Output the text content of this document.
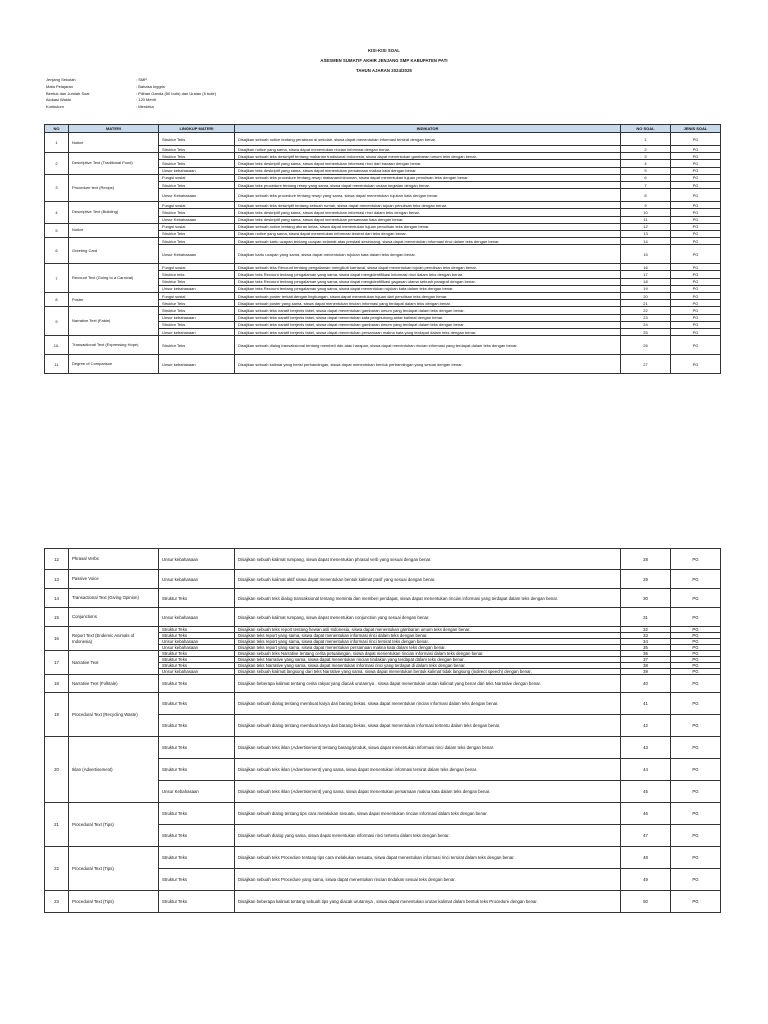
KISI-KISI SOAL
ASESMEN SUMATIF AKHIR JENJANG SMP KABUPATEN PATI
TAHUN AJARAN 2024/2025
Jenjang Sekolah	: SMP
Mata Pelajaran	: Bahasa Inggris
Bentuk dan Jumlah Soal	: Pilihan Ganda (50 butir) dan Uraian (5 butir)
Alokasi Waktu	: 120 Menit
Kurikulum	: Merdeka
NO	MATERI	LINGKUP MATERI	INDIKATOR	NO SOAL	JENIS SOAL
1	Notice	Struktur Teks	Disajikan sebuah notice tentang peraturan di sekolah, siswa dapat menentukan informasi tersirat dengan benar.	1	PG
		Struktur Teks	Disajikan notice yang sama, siswa dapat menentukan rincian informasi dengan benar.	2	PG
2	Descriptive Text (Traditional Food)	Struktur Teks	Disajikan sebuah teks deskriptif tentang makanan tradisional Indonesia, siswa dapat menentukan gambaran umum teks dengan benar.	3	PG
		Struktur Teks	Disajikan teks deskriptif yang sama, siswa dapat menentukan informasi rinci dari bacaan dengan benar.	4	PG
		Unsur kebahasaan	Disajikan teks deskriptif yang sama, siswa dapat menentukan persamaan makna kata dengan benar.	5	PG
3	Procedure text (Recipe)	Fungsi sosial	Disajikan sebuah teks procedure tentang resep makanan/minuman, siswa dapat menentukan tujuan penulisan teks dengan benar.	6	PG
		Struktur Teks	Disajikan teks procedure tentang resep yang sama, siswa dapat menentukan urutan kegiatan dengan benar.	7	PG
		Unsur Kebahasaan	Disajikan sebuah teks procedure tentang resep yang sama, siswa dapat menentukan rujukan kata dengan benar.	8	PG
4	Descriptive Text (Building)	Fungsi sosial	Disajikan sebuah teks deskriptif tentang sebuah rumah, siswa dapat menentukan tujuan penulisan teks dengan benar.	9	PG
		Struktur Teks	Disajikan teks deskriptif yang sama, siswa dapat menentukan informasi rinci dalam teks dengan benar.	10	PG
		Unsur Kebahasaan	Disajikan teks deskriptif yang sama, siswa dapat menentukan persamaan kata dengan benar.	11	PG
5	Notice	Fungsi sosial	Disajikan sebuah notice tentang aturan kelas, siswa dapat menentukan tujuan penulisan teks dengan benar.	12	PG
		Struktur Teks	Disajikan notice yang sama, siswa dapat menentukan informasi tersirat dari teks dengan benar.	13	PG
6	Greeting Card	Struktur Teks	Disajikan sebuah kartu ucapan tentang ucapan selamat atas prestasi seseorang, siswa dapat menentukan informasi rinci dalam teks dengan benar.	14	PG
		Unsur Kebahasaan	Disajikan kartu ucapan yang sama, siswa dapat menentukan rujukan kata dalam teks dengan benar.	15	PG
7	Recount Text (Going to a Carnival)	Fungsi sosial	Disajikan sebuah teks Recount tentang pengalaman mengikuti karnaval, siswa dapat menentukan tujuan penulisan teks dengan benar.	16	PG
		Struktur teks	Disajikan teks Recount tentang pengalaman yang sama, siswa dapat mengidentifikasi informasi rinci dalam teks dengan benar.	17	PG
		Struktur Teks	Disajikan teks Recount tentang pengalaman yang sama, siswa dapat mengidentifikasi gagasan utama sebuah paragraf dengan benar.	18	PG
		Unsur kebahasaan	Disajikan teks Recount tentang pengalaman yang sama, siswa dapat menentukan rujukan kata dalam teks dengan benar.	19	PG
8	Poster	Fungsi sosial	Disajikan sebuah poster terkait dengan lingkungan, siswa dapat menentukan tujuan dari penulisan teks dengan benar.	20	PG
		Struktur Teks	Disajikan sebuah poster yang sama, siswa dapat menentukan rincian informasi yang terdapat dalam teks dengan benar.	21	PG
9	Narrative Text (Fable)	Struktur Teks	Disajikan sebuah teks naratif berjenis fabel, siswa dapat menentukan gambaran umum yang terdapat dalam teks dengan benar.	22	PG
		Unsur kebahasaan	Disajikan sebuah teks naratif berjenis fabel, siswa dapat menentukan kata penghubung antar kalimat dengan benar.	23	PG
		Struktur Teks	Disajikan sebuah teks naratif berjenis fabel, siswa dapat menentukan gambaran umum yang terdapat dalam teks dengan benar.	24	PG
		Unsur kebahasaan	Disajikan sebuah teks naratif berjenis fabel, siswa dapat menentukan persamaan makna kata yang terdapat dalam teks dengan benar.	25	PG
10.	Transactional Text (Expressing Hope)	Struktur Teks	Disajikan sebuah dialog transaksional tentang membeli dan atau harapan, siswa dapat menentukan rincian informasi yang terdapat dalam teks dengan benar.	26	PG
11	Degree of Comparison	Unsur kebahasaan	Disajikan sebuah kalimat yang berisi perbandingan, siswa dapat menentukan bentuk perbandingan yang sesuai dengan benar.	27	PG
12	Phrasal Verbs	Unsur kebahasaan	Disajikan sebuah kalimat rumpang, siswa dapat menentukan phrasal verb yang sesuai dengan benar.	28	PG
13	Passive Voice	Unsur kebahasaan	Disajikan sebuah kalimat aktif siswa dapat menentukan bentuk kalimat pasif yang sesuai dengan benar.	29	PG
14	Transactional Text (Giving Opinion)	Struktur Teks	Disajikan sebuah teks dialog transaksional tentang meminta dan memberi pendapat, siswa dapat menentukan rincian informasi yang terdapat dalam teks dengan benar.	30	PG
15	Conjunctions	Unsur kebahasaan	Disajikan sebuah kalimat rumpang, siswa dapat menentukan conjunction yang sesuai dengan benar.	31	PG
16	Report Text (Endemic Animals of Indonesia)	Struktur Teks	Disajikan sebuah teks report tentang hewan asli Indonesia, siswa dapat menentukan gambaran umum teks dengan benar.	32	PG
		Struktur Teks	Disajikan teks report yang sama, siswa dapat menentukan informasi rinci dalam teks dengan benar.	33	PG
		Unsur kebahasaan	Disajikan teks report yang sama, siswa dapat menentukan informasi rinci tersirat teks dengan benar.	34	PG
		Unsur kebahasaan	Disajikan teks report yang sama, siswa dapat menentukan persamaan makna kata dalam teks dengan benar.	35	PG
17	Narrative Text	Struktur Teks	Disajikan sebuah teks Narrative tentang cerita petualangan, siswa dapat menentukan rincian informasi dalam teks dengan benar.	36	PG
		Struktur Teks	Disajikan teks Narrative yang sama, siswa dapat menentukan rincian tindakan yang terdapat dalam teks dengan benar.	37	PG
		Struktur Teks	Disajikan teks Narrative yang sama, siswa dapat menentukan informasi rinci yang terdapat di dalam teks dengan benar.	38	PG
		Unsur kebahasaan	Disajikan sebuah kalimat langsung dari teks Narrative yang sama, siswa dapat menentukan bentuk kalimat tidak langsung (indirect speech) dengan benar.	39	PG
18	Narrative Text (Folktale)	Struktur Teks	Disajikan beberapa kalimat tentang cerita rakyat yang diacak urutannya , siswa dapat menentukan urutan kalimat yang benar dari teks Narrative dengan benar.	40	PG
19	Procedural Text (Recycling Waste)	Struktur Teks	Disajikan sebuah dialog tentang membuat karya dari barang bekas, siswa dapat menentukan rincian informasi dalam teks dengan benar.	41	PG
		Struktur Teks	Disajikan sebuah dialog tentang membuat karya dari barang bekas, siswa dapat menentukan informasi tertentu dalam teks dengan benar.	42	PG
20	Iklan (Advertisement)	Struktur Teks	Disajikan sebuah teks iklan (Advertisement) tentang barang/produk, siswa dapat menentukan informasi rinci dalam teks dengan benar.	43	PG
		Struktur Teks	Disajikan sebuah teks iklan (Advertisement) yang sama, siswa dapat menentukan informasi tersirat dalam teks dengan benar.	44	PG
		Unsur Kebahasaan	Disajikan sebuah teks iklan (Advertisement) yang sama, siswa dapat menentukan persamaan makna kata dalam teks dengan benar.	45	PG
21	Procedural Text (Tips)	Struktur Teks	Disajikan sebuah dialog tentang tips cara melakukan sesuatu, siswa dapat menentukan rincian informasi dalam teks dengan benar.	46	PG
		Struktur Teks	Disajikan sebuah dialog yang sama, siswa dapat menentukan informasi rinci tertentu dalam teks dengan benar.	47	PG
22	Procedural Text (Tips)	Struktur Teks	Disajikan sebuah teks Procedure tentang tips cara melakukan sesuatu, siswa dapat menentukan informasi rinci tersirat dalam teks dengan benar.	48	PG
		Struktur Teks	Disajikan sebuah teks Procedure yang sama, siswa dapat menentukan rincian tindakan sesuai teks dengan benar.	49	PG
23	Procedural Text (Tips)	Struktur Teks	Disajikan beberapa kalimat tentang sebuah tips yang diacak urutannya , siswa dapat menentukan urutan kalimat dalam bentuk teks Procedure dengan benar.	50	PG
